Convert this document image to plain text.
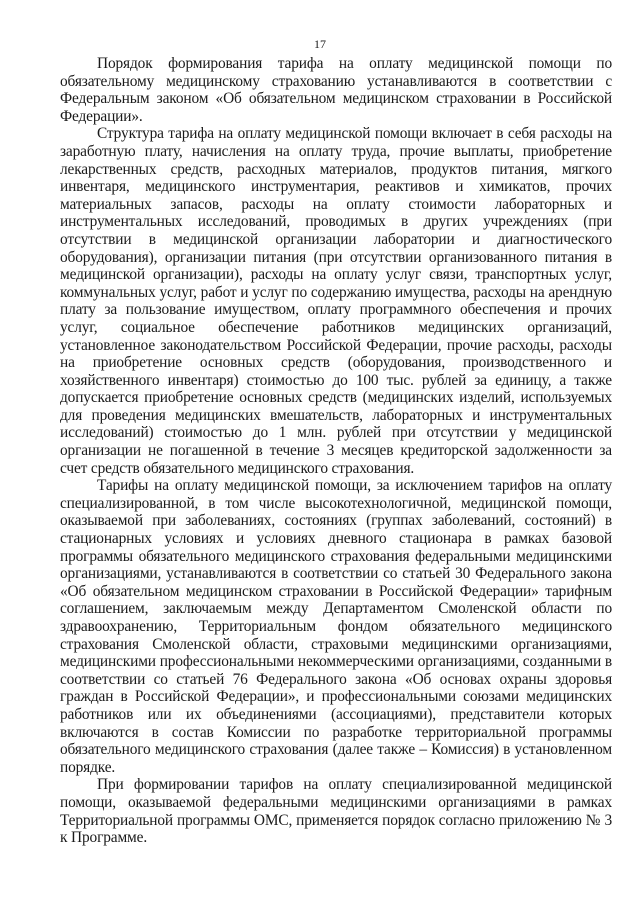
17

Порядок формирования тарифа на оплату медицинской помощи по обязательному медицинскому страхованию устанавливаются в соответствии с Федеральным законом «Об обязательном медицинском страховании в Российской Федерации».

Структура тарифа на оплату медицинской помощи включает в себя расходы на заработную плату, начисления на оплату труда, прочие выплаты, приобретение лекарственных средств, расходных материалов, продуктов питания, мягкого инвентаря, медицинского инструментария, реактивов и химикатов, прочих материальных запасов, расходы на оплату стоимости лабораторных и инструментальных исследований, проводимых в других учреждениях (при отсутствии в медицинской организации лаборатории и диагностического оборудования), организации питания (при отсутствии организованного питания в медицинской организации), расходы на оплату услуг связи, транспортных услуг, коммунальных услуг, работ и услуг по содержанию имущества, расходы на арендную плату за пользование имуществом, оплату программного обеспечения и прочих услуг, социальное обеспечение работников медицинских организаций, установленное законодательством Российской Федерации, прочие расходы, расходы на приобретение основных средств (оборудования, производственного и хозяйственного инвентаря) стоимостью до 100 тыс. рублей за единицу, а также допускается приобретение основных средств (медицинских изделий, используемых для проведения медицинских вмешательств, лабораторных и инструментальных исследований) стоимостью до 1 млн. рублей при отсутствии у медицинской организации не погашенной в течение 3 месяцев кредиторской задолженности за счет средств обязательного медицинского страхования.

Тарифы на оплату медицинской помощи, за исключением тарифов на оплату специализированной, в том числе высокотехнологичной, медицинской помощи, оказываемой при заболеваниях, состояниях (группах заболеваний, состояний) в стационарных условиях и условиях дневного стационара в рамках базовой программы обязательного медицинского страхования федеральными медицинскими организациями, устанавливаются в соответствии со статьей 30 Федерального закона «Об обязательном медицинском страховании в Российской Федерации» тарифным соглашением, заключаемым между Департаментом Смоленской области по здравоохранению, Территориальным фондом обязательного медицинского страхования Смоленской области, страховыми медицинскими организациями, медицинскими профессиональными некоммерческими организациями, созданными в соответствии со статьей 76 Федерального закона «Об основах охраны здоровья граждан в Российской Федерации», и профессиональными союзами медицинских работников или их объединениями (ассоциациями), представители которых включаются в состав Комиссии по разработке территориальной программы обязательного медицинского страхования (далее также – Комиссия) в установленном порядке.

При формировании тарифов на оплату специализированной медицинской помощи, оказываемой федеральными медицинскими организациями в рамках Территориальной программы ОМС, применяется порядок согласно приложению № 3 к Программе.
